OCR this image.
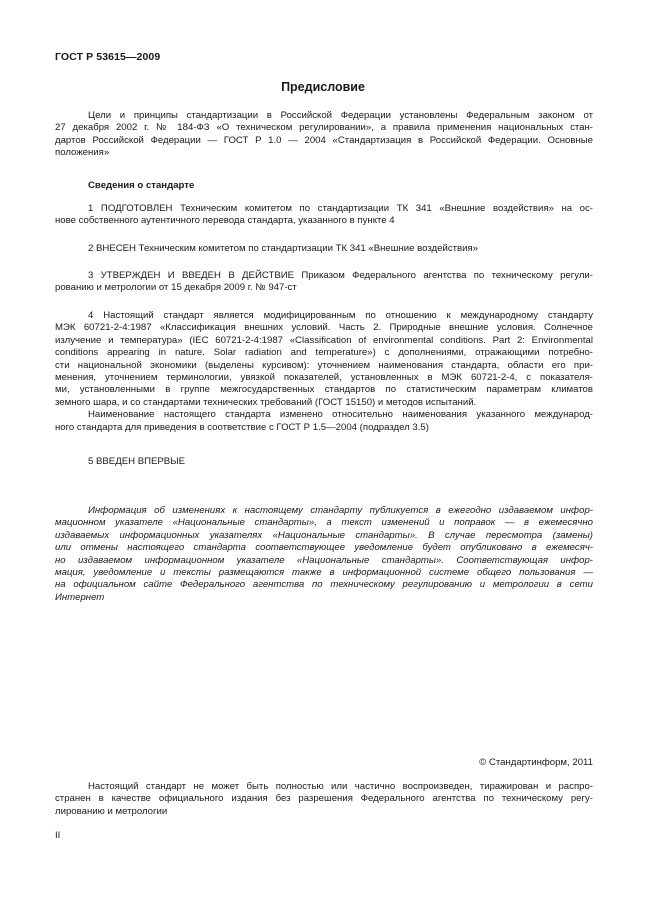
ГОСТ Р 53615—2009
Предисловие
Цели и принципы стандартизации в Российской Федерации установлены Федеральным законом от
27 декабря 2002 г. № 184-ФЗ «О техническом регулировании», а правила применения национальных стан-
дартов Российской Федерации — ГОСТ Р 1.0 — 2004 «Стандартизация в Российской Федерации. Основные
положения»
Сведения о стандарте
1 ПОДГОТОВЛЕН Техническим комитетом по стандартизации ТК 341 «Внешние воздействия» на ос-
нове собственного аутентичного перевода стандарта, указанного в пункте 4
2 ВНЕСЕН Техническим комитетом по стандартизации ТК 341 «Внешние воздействия»
3 УТВЕРЖДЕН И ВВЕДЕН В ДЕЙСТВИЕ Приказом Федерального агентства по техническому регули-
рованию и метрологии от 15 декабря 2009 г. № 947-ст
4 Настоящий стандарт является модифицированным по отношению к международному стандарту
МЭК 60721-2-4:1987 «Классификация внешних условий. Часть 2. Природные внешние условия. Солнечное
излучение и температура» (IEC 60721-2-4:1987 «Classification of environmental conditions. Part 2: Environmental
conditions appearing in nature. Solar radiation and temperature») с дополнениями, отражающими потребно-
сти национальной экономики (выделены курсивом): уточнением наименования стандарта, области его при-
менения, уточнением терминологии, увязкой показателей, установленных в МЭК 60721-2-4, с показателя-
ми, установленными в группе межгосударственных стандартов по статистическим параметрам климатов
земного шара, и со стандартами технических требований (ГОСТ 15150) и методов испытаний.
Наименование настоящего стандарта изменено относительно наименования указанного международ-
ного стандарта для приведения в соответствие с ГОСТ Р 1.5—2004 (подраздел 3.5)
5 ВВЕДЕН ВПЕРВЫЕ
Информация об изменениях к настоящему стандарту публикуется в ежегодно издаваемом инфор-
мационном указателе «Национальные стандарты», а текст изменений и поправок — в ежемесячно
издаваемых информационных указателях «Национальные стандарты». В случае пересмотра (замены)
или отмены настоящего стандарта соответствующее уведомление будет опубликовано в ежемесяч-
но издаваемом информационном указателе «Национальные стандарты». Соответствующая инфор-
мация, уведомление и тексты размещаются также в информационной системе общего пользования —
на официальном сайте Федерального агентства по техническому регулированию и метрологии в сети
Интернет
© Стандартинформ, 2011
Настоящий стандарт не может быть полностью или частично воспроизведен, тиражирован и распро-
странен в качестве официального издания без разрешения Федерального агентства по техническому регу-
лированию и метрологии
II
